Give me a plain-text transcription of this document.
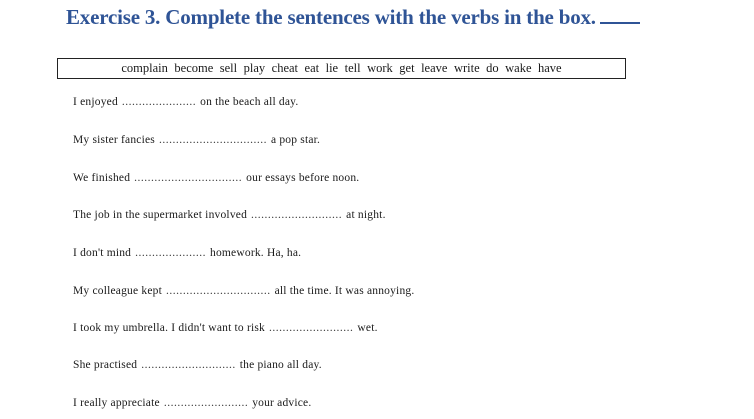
Exercise 3. Complete the sentences with the verbs in the box.
complain become sell play cheat eat lie tell work get leave write do wake have
I enjoyed ...................... on the beach all day.
My sister fancies ................................ a pop star.
We finished ................................ our essays before noon.
The job in the supermarket involved ........................... at night.
I don't mind ..................... homework. Ha, ha.
My colleague kept ............................... all the time. It was annoying.
I took my umbrella. I didn't want to risk ......................... wet.
She practised ............................ the piano all day.
I really appreciate ......................... your advice.
